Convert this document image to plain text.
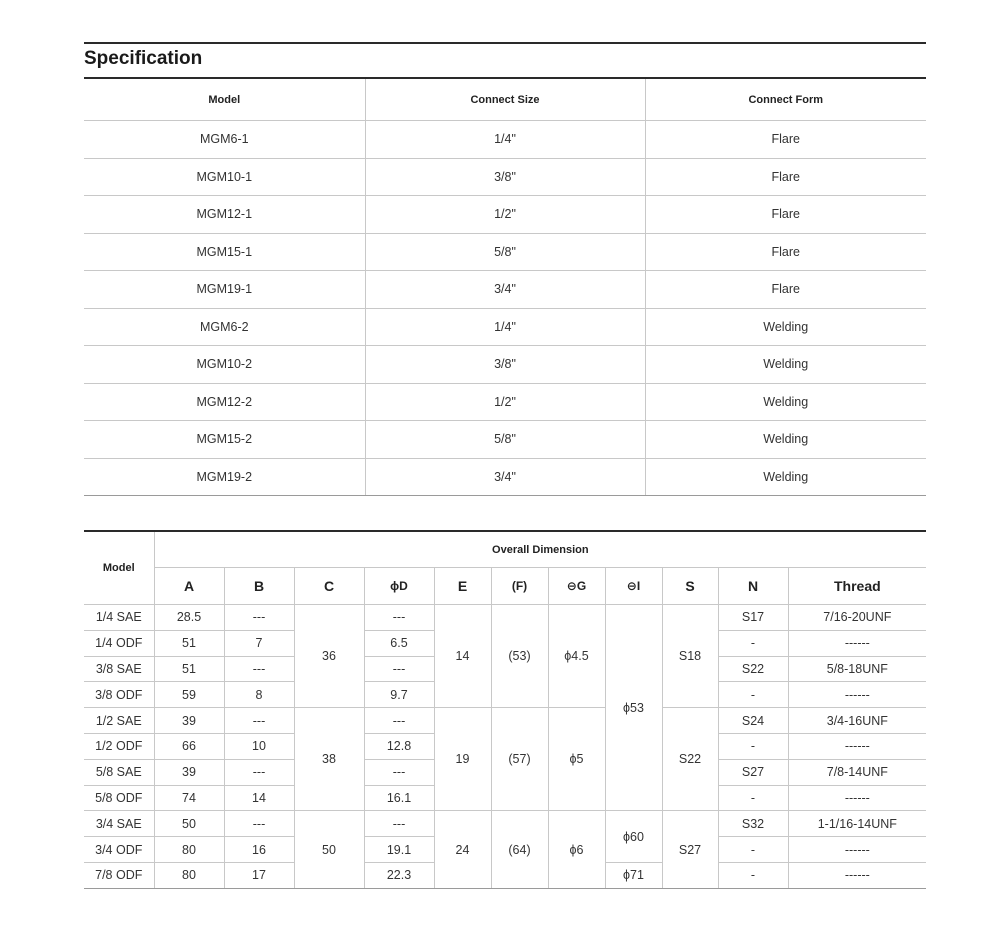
Specification
Model	Connect Size	Connect Form
MGM6-1	1/4"	Flare
MGM10-1	3/8"	Flare
MGM12-1	1/2"	Flare
MGM15-1	5/8"	Flare
MGM19-1	3/4"	Flare
MGM6-2	1/4"	Welding
MGM10-2	3/8"	Welding
MGM12-2	1/2"	Welding
MGM15-2	5/8"	Welding
MGM19-2	3/4"	Welding
Model	Overall Dimension										
	A	B	C	ϕD	E	(F)	⊖G	⊖I	S	N	Thread
1/4 SAE	28.5	---	36	---	14	(53)	ϕ4.5	ϕ53	S18	S17	7/16-20UNF
1/4 ODF	51	7		6.5						-	------
3/8 SAE	51	---		---						S22	5/8-18UNF
3/8 ODF	59	8		9.7						-	------
1/2 SAE	39	---	38	---	19	(57)	ϕ5		S22	S24	3/4-16UNF
1/2 ODF	66	10		12.8						-	------
5/8 SAE	39	---		---						S27	7/8-14UNF
5/8 ODF	74	14		16.1						-	------
3/4 SAE	50	---	50	---	24	(64)	ϕ6	ϕ60	S27	S32	1-1/16-14UNF
3/4 ODF	80	16		19.1						-	------
7/8 ODF	80	17		22.3				ϕ71		-	------
